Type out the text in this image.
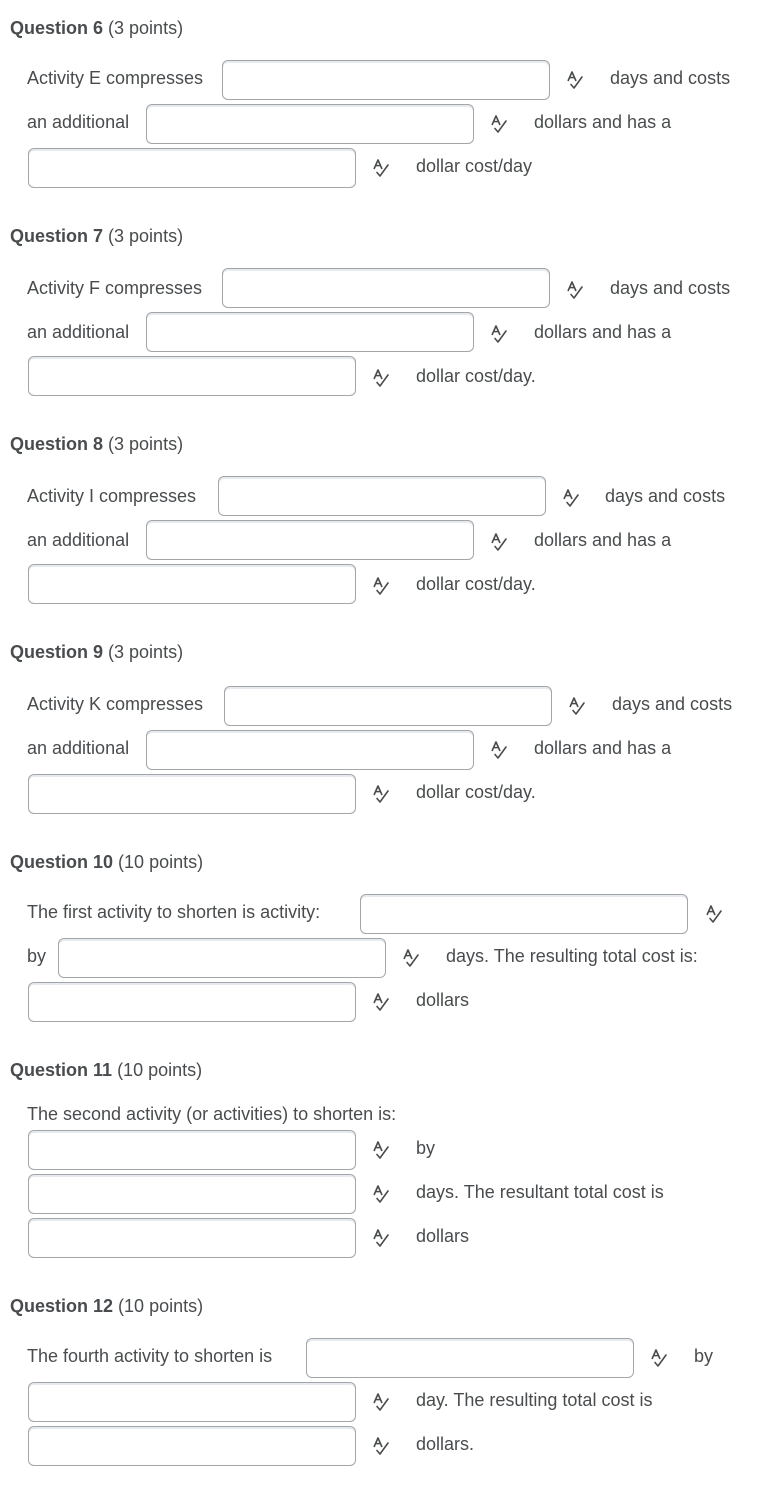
Question 6 (3 points)
Activity E compresses	days and costs
an additional	dollars and has a
dollar cost/day
Question 7 (3 points)
Activity F compresses	days and costs
an additional	dollars and has a
dollar cost/day.
Question 8 (3 points)
Activity I compresses	days and costs
an additional	dollars and has a
dollar cost/day.
Question 9 (3 points)
Activity K compresses	days and costs
an additional	dollars and has a
dollar cost/day.
Question 10 (10 points)
The first activity to shorten is activity:
by	days. The resulting total cost is:
dollars
Question 11 (10 points)
The second activity (or activities) to shorten is:
by
days. The resultant total cost is
dollars
Question 12 (10 points)
The fourth activity to shorten is	by
day. The resulting total cost is
dollars.
